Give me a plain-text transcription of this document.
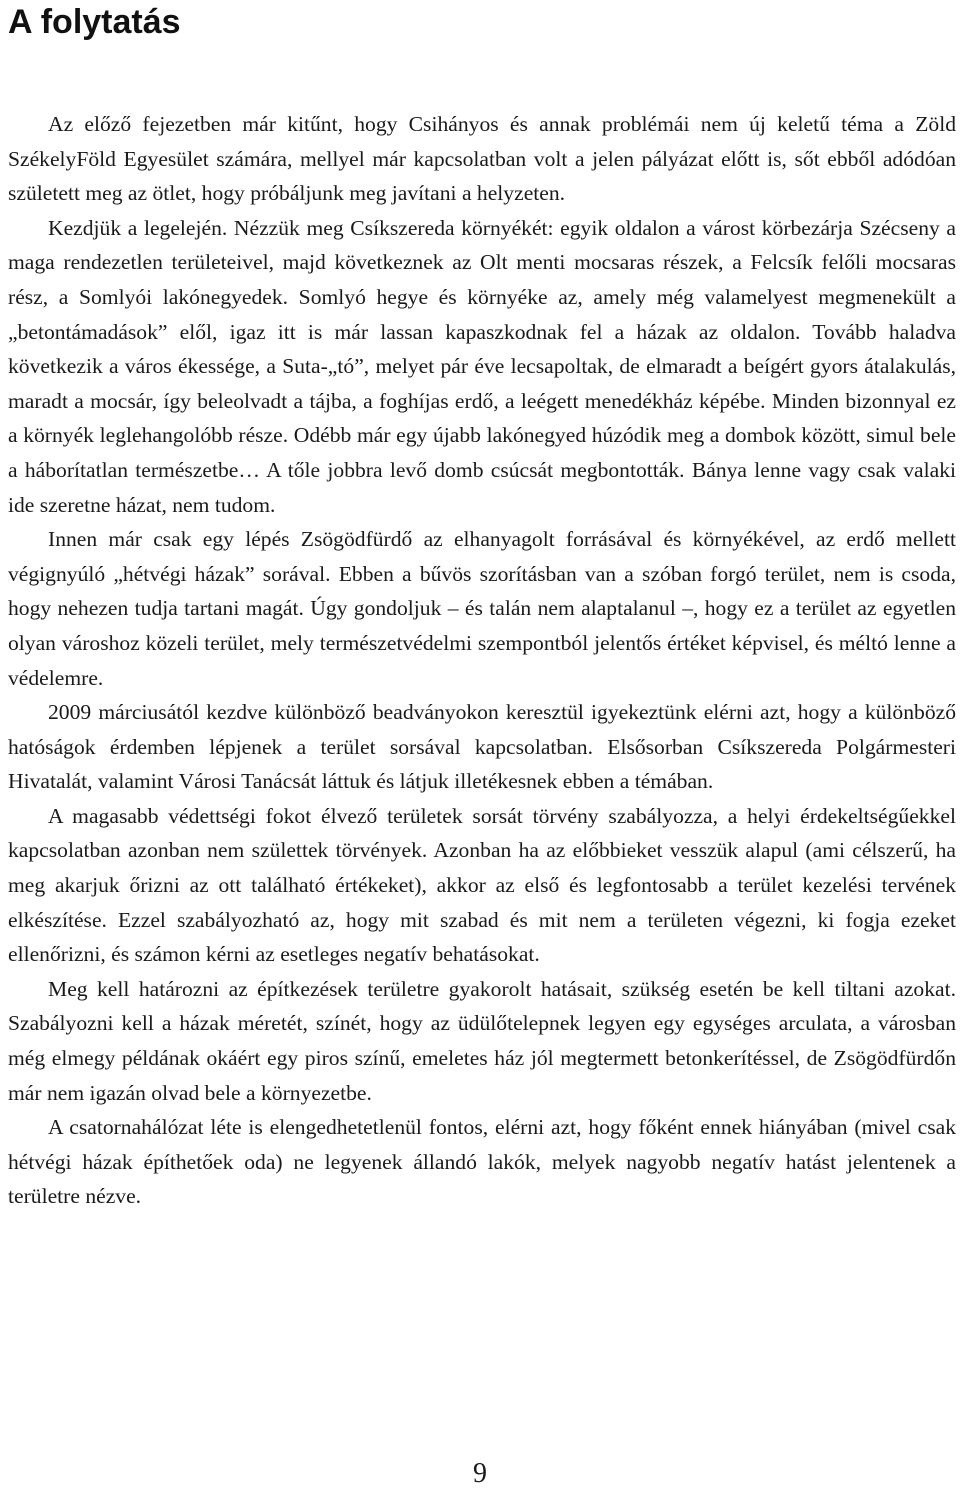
A folytatás

Az előző fejezetben már kitűnt, hogy Csihányos és annak problémái nem új keletű téma a Zöld SzékelyFöld Egyesület számára, mellyel már kapcsolatban volt a jelen pályázat előtt is, sőt ebből adódóan született meg az ötlet, hogy próbáljunk meg javítani a helyzeten.

Kezdjük a legelején. Nézzük meg Csíkszereda környékét: egyik oldalon a várost körbezárja Szécseny a maga rendezetlen területeivel, majd következnek az Olt menti mocsaras részek, a Felcsík felőli mocsaras rész, a Somlyói lakónegyedek. Somlyó hegye és környéke az, amely még valamelyest megmenekült a „betontámadások” elől, igaz itt is már lassan kapaszkodnak fel a házak az oldalon. Tovább haladva következik a város ékessége, a Suta-„tó”, melyet pár éve lecsapoltak, de elmaradt a beígért gyors átalakulás, maradt a mocsár, így beleolvadt a tájba, a foghíjas erdő, a leégett menedékház képébe. Minden bizonnyal ez a környék leglehangolóbb része. Odébb már egy újabb lakónegyed húzódik meg a dombok között, simul bele a háborítatlan természetbe… A tőle jobbra levő domb csúcsát megbontották. Bánya lenne vagy csak valaki ide szeretne házat, nem tudom.

Innen már csak egy lépés Zsögödfürdő az elhanyagolt forrásával és környékével, az erdő mellett végignyúló „hétvégi házak” sorával. Ebben a bűvös szorításban van a szóban forgó terület, nem is csoda, hogy nehezen tudja tartani magát. Úgy gondoljuk – és talán nem alaptalanul –, hogy ez a terület az egyetlen olyan városhoz közeli terület, mely természetvédelmi szempontból jelentős értéket képvisel, és méltó lenne a védelemre.

2009 márciusától kezdve különböző beadványokon keresztül igyekeztünk elérni azt, hogy a különböző hatóságok érdemben lépjenek a terület sorsával kapcsolatban. Elsősorban Csíkszereda Polgármesteri Hivatalát, valamint Városi Tanácsát láttuk és látjuk illetékesnek ebben a témában.

A magasabb védettségi fokot élvező területek sorsát törvény szabályozza, a helyi érdekeltségűekkel kapcsolatban azonban nem születtek törvények. Azonban ha az előbbieket vesszük alapul (ami célszerű, ha meg akarjuk őrizni az ott található értékeket), akkor az első és legfontosabb a terület kezelési tervének elkészítése. Ezzel szabályozható az, hogy mit szabad és mit nem a területen végezni, ki fogja ezeket ellenőrizni, és számon kérni az esetleges negatív behatásokat.

Meg kell határozni az építkezések területre gyakorolt hatásait, szükség esetén be kell tiltani azokat. Szabályozni kell a házak méretét, színét, hogy az üdülőtelepnek legyen egy egységes arculata, a városban még elmegy példának okáért egy piros színű, emeletes ház jól megtermett betonkerítéssel, de Zsögödfürdőn már nem igazán olvad bele a környezetbe.

A csatornahálózat léte is elengedhetetlenül fontos, elérni azt, hogy főként ennek hiányában (mivel csak hétvégi házak építhetőek oda) ne legyenek állandó lakók, melyek nagyobb negatív hatást jelentenek a területre nézve.

9
